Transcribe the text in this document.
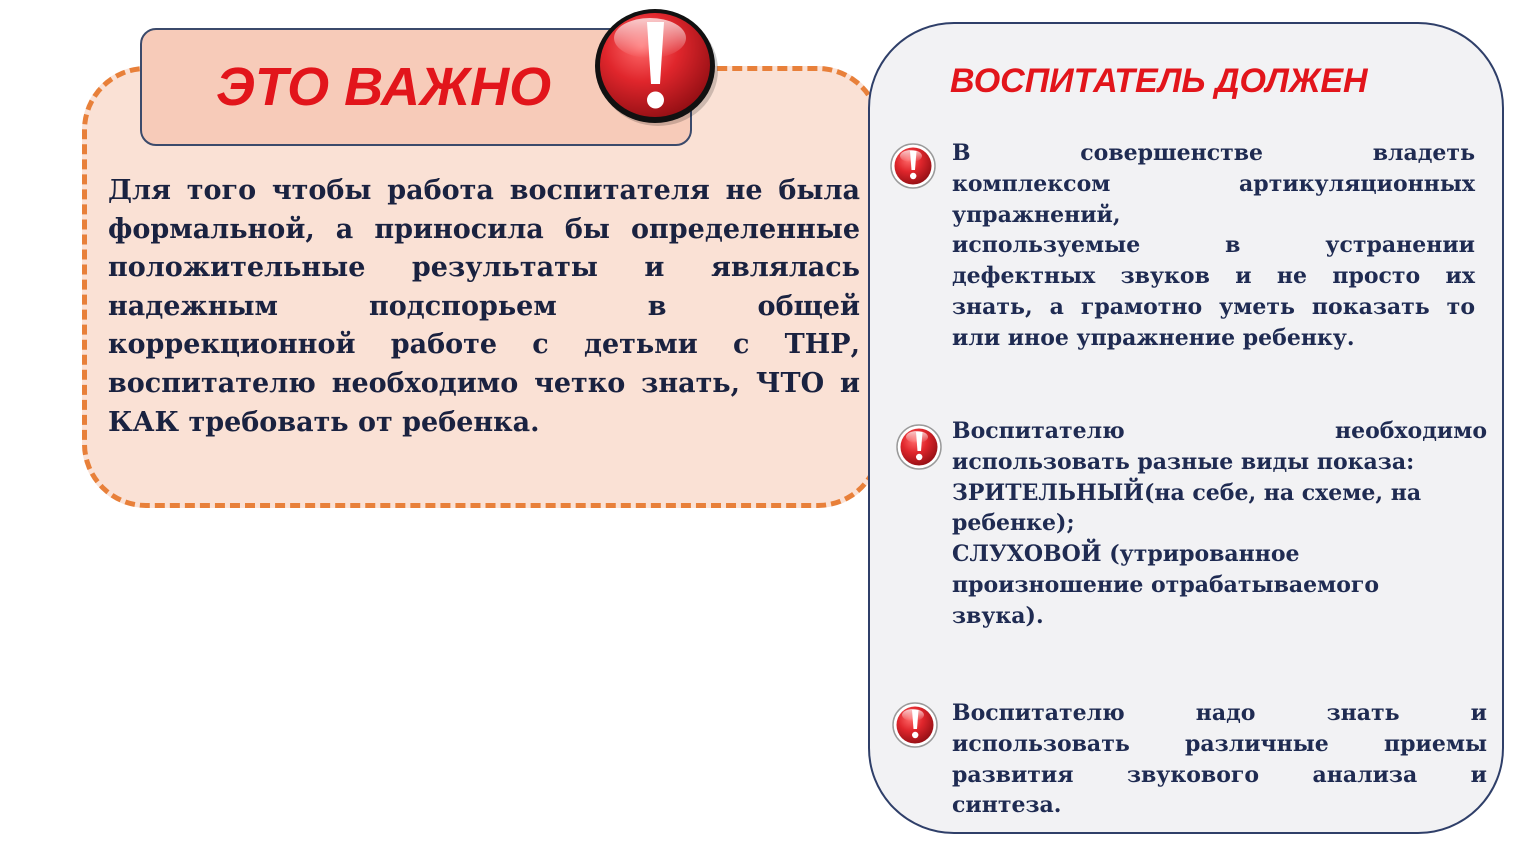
ЭТО ВАЖНО

Для того чтобы работа воспитателя не была формальной, а приносила бы определенные положительные результаты и являлась надежным подспорьем в общей коррекционной работе с детьми с ТНР, воспитателю необходимо четко знать, ЧТО и КАК требовать от ребенка.

ВОСПИТАТЕЛЬ ДОЛЖЕН

В совершенстве владеть
комплексом артикуляционных
упражнений,
используемые в устранении
дефектных звуков и не просто их
знать, а грамотно уметь показать то
или иное упражнение ребенку.

Воспитателю необходимо
использовать разные виды показа:
ЗРИТЕЛЬНЫЙ(на себе, на схеме, на
ребенке);
СЛУХОВОЙ (утрированное
произношение отрабатываемого
звука).

Воспитателю надо знать и
использовать различные приемы
развития звукового анализа и
синтеза.
